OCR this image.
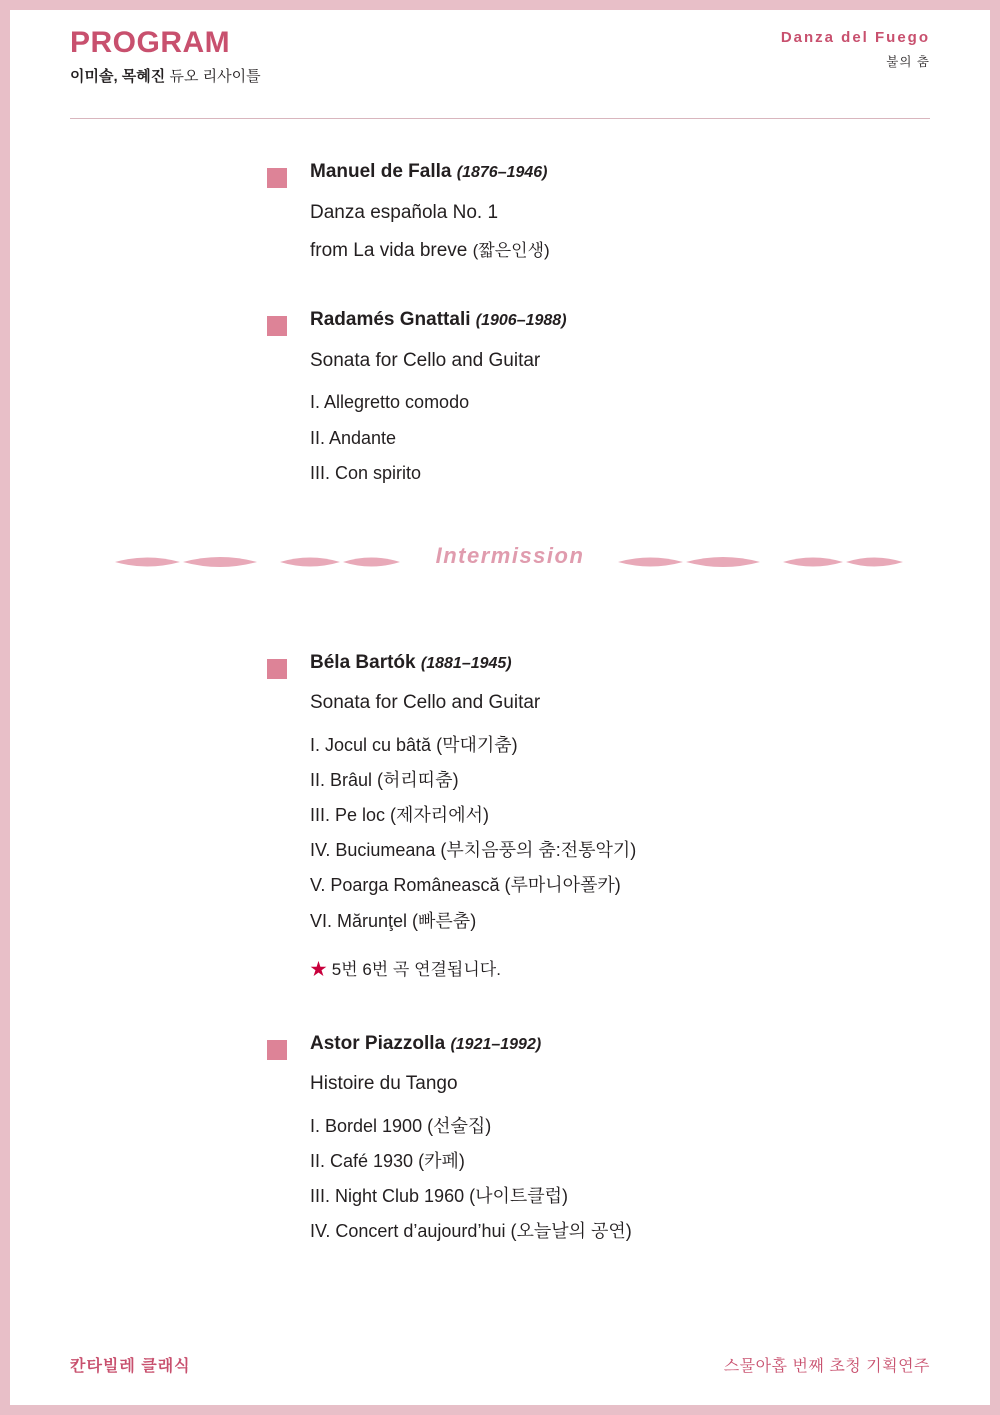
PROGRAM
이미솔, 목혜진 듀오 리사이틀
Danza del Fuego
불의 춤
Manuel de Falla (1876–1946)
Danza española No. 1
from La vida breve (짧은인생)
Radamés Gnattali (1906–1988)
Sonata for Cello and Guitar
I. Allegretto comodo
II. Andante
III. Con spirito
Intermission
Béla Bartók (1881–1945)
Sonata for Cello and Guitar
I. Jocul cu bâtă (막대기춤)
II. Brâul (허리띠춤)
III. Pe loc (제자리에서)
IV. Buciumeana (부치음풍의 춤:전통악기)
V. Poarga Românească (루마니아폴카)
VI. Mărunţel (빠른춤)
★ 5번 6번 곡 연결됩니다.
Astor Piazzolla (1921–1992)
Histoire du Tango
I. Bordel 1900 (선술집)
II. Café 1930 (카페)
III. Night Club 1960 (나이트클럽)
IV. Concert d’aujourd’hui (오늘날의 공연)
칸타빌레 클래식	스물아홉 번째 초청 기획연주
